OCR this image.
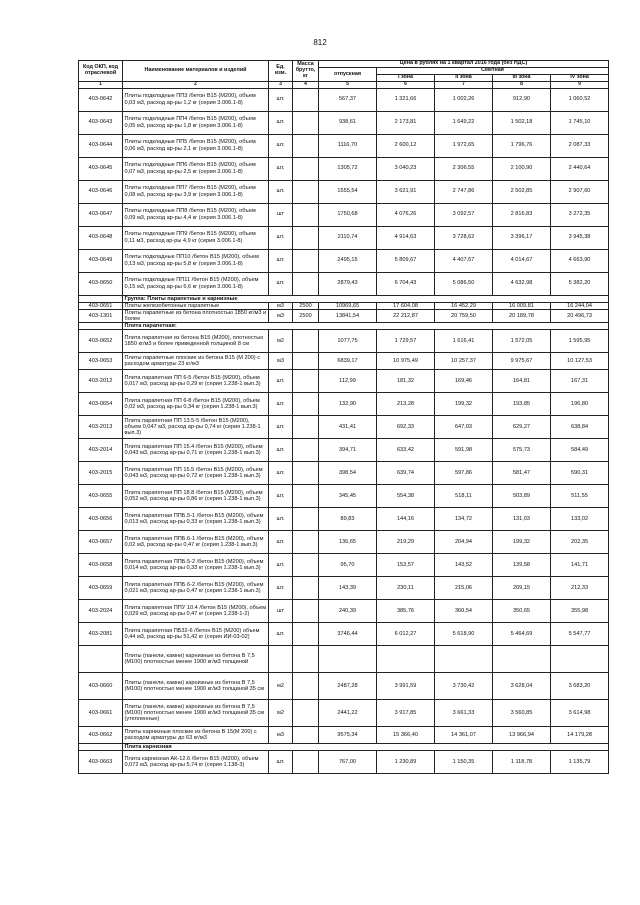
812
Код ОКП, код отраслевой	Наименование материалов и изделий	Ед. изм.	Масса брутто, кг	Цена в рублях на 1 квартал 2016 года (без НДС)				
				отпускная	Сметная			
					I зона	II зона	III зона	IV зона
1	2	3	4	5	6	7	8	9
403-0642	Плиты подкладные ПП3 /бетон В15 (М200), объем 0,03 м3, расход ар-ры 1,2 кг (серия 3.006.1-8)	шт.		567,37	1 321,66	1 002,26	912,90	1 060,52
403-0643	Плиты подкладные ПП4 /бетон В15 (М200), объем 0,05 м3, расход ар-ры 1,8 кг (серия 3.006.1-8)	шт.		938,61	2 173,81	1 649,22	1 502,18	1 745,10
403-0644	Плиты подкладные ПП5 /бетон В15 (М200), объем 0,06 м3, расход ар-ры 2,1 кг (серия 3.006.1-8)	шт.		1116,70	2 600,12	1 972,65	1 796,76	2 087,33
403-0645	Плиты подкладные ПП6 /бетон В15 (М200), объем 0,07 м3, расход ар-ры 2,5 кг (серия 3.006.1-8)	шт.		1305,72	3 040,23	2 306,55	2 100,90	2 440,64
403-0646	Плиты подкладные ПП7 /бетон В15 (М200), объем 0,08 м3, расход ар-ры 3,9 кг (серия 3.006.1-8)	шт.		1555,54	3 621,91	2 747,86	2 502,85	2 907,60
403-0647	Плиты подкладные ПП8 /бетон В15 (М200), объем 0,09 м3, расход ар-ры 4,4 кг (серия 3.006.1-8)	шт		1750,68	4 076,26	3 092,57	2 816,83	3 272,35
403-0648	Плиты подкладные ПП9 /бетон В15 (М200), объем 0,11 м3, расход ар-ры 4,9 кг (серия 3.006.1-8)	шт.		2110,74	4 914,63	3 728,62	3 396,17	3 945,38
403-0649	Плиты подкладные ПП10 /бетон В15 (М200), объем 0,13 м3, расход ар-ры 5,8 кг (серия 3.006.1-8)	шт.		2495,15	5 809,67	4 407,67	4 014,67	4 663,90
403-0650	Плиты подкладные ПП11 /бетон В15 (М200), объем 0,15 м3, расход ар-ры 6,6 кг (серия 3.006.1-8)	шт.		2879,43	6 704,43	5 086,50	4 632,98	5 382,20
	Группа: Плиты парапетные и карнизные							
403-0651	Плиты железобетонные парапетные	м3	2500	10969,65	17 604,08	16 452,29	16 009,81	16 244,04
403-1301	Плиты парапетные из бетона плотностью 1850 кг/м3 и более	м3	2500	13841,54	22 212,87	20 759,50	20 189,78	20 496,73
	Плита парапетная:							
403-0652	Плита парапетная из бетона В15 (М200), плотностью 1850 кг/м3 и более приведенной толщиной 8 см	м2		1077,75	1 729,57	1 616,41	1 572,05	1 595,95
403-0653	Плиты парапетные плоские из бетона В15 (М 200) с расходом арматуры 23 кг/м3	м3		6839,17	10 975,49	10 257,37	9 975,67	10 127,53
403-2012	Плита парапетная ПП 6-5 /бетон В15 (М200), объем 0,017 м3, расход ар-ры 0,29 кг (серия 1.238-1 вып.3)	шт.		112,99	181,32	169,46	164,81	167,31
403-0654	Плита парапетная ПП 6-8 /бетон В15 (М200), объем 0,02 м3, расход ар-ры 0,34 кг (серия 1.238-1 вып.3)	шт.		132,90	213,28	199,32	193,85	196,80
403-2013	Плита парапетная ПП 13.5-5 /бетон В15 (М200), объем 0,047 м3, расход ар-ры 0,74 кг (серия 1.238-1 вып.3)	шт.		431,41	692,33	647,03	629,27	638,84
403-2014	Плита парапетная ПП 15.4 /бетон В15 (М200), объем 0,043 м3, расход ар-ры 0,71 кг (серия 1.238-1 вып.3)	шт.		394,71	633,42	591,98	575,73	584,49
403-2015	Плита парапетная ПП 15.5 /бетон В15 (М200), объем 0,043 м3, расход ар-ры 0,72 кг (серия 1.238-1 вып.3)	шт.		398,54	639,74	597,86	581,47	590,31
403-0655	Плита парапетная ПП 18.8 /бетон В15 (М200), объем 0,052 м3, расход ар-ры 0,86 кг (серия 1.238-1 вып.3)	шт.		345,45	554,38	518,11	503,89	511,55
403-0656	Плита парапетная ППБ.5-1 /бетон В15 (М200), объем 0,013 м3, расход ар-ры 0,33 кг (серия 1.238-1 вып.3)	шт.		89,83	144,16	134,72	131,03	133,02
403-0657	Плита парапетная ППБ.6-1 /бетон В15 (М200), объем 0,02 м3, расход ар-ры 0,47 кг (серия 1.238-1 вып.3)	шт.		136,65	219,29	204,94	199,32	202,35
403-0658	Плита парапетная ППБ.5-2 /бетон В15 (М200), объем 0,014 м3, расход ар-ры 0,33 кг (серия 1.238-1 вып.3)	шт.		95,70	153,57	143,52	139,58	141,71
403-0659	Плита парапетная ППБ 6-2 /бетон В15 (М200), объем 0,021 м3, расход ар-ры 0,47 кг (серия 1.238-1 вып.3)	шт.		143,39	230,11	215,06	209,15	212,33
403-2024	Плита парапетная ППУ 10.4 /бетон В15 (М200), объем 0,029 м3, расход ар-ры 0,47 кг (серия 1.238-1-2)	шт		240,39	385,76	360,54	350,65	355,98
403-2081	Плита парапетная ПБ32-6 /бетон В15 (М200) объем 0,44 м3, расход ар-ры 51,42 кг (серия ИИ-03-02)	шт.		3746,44	6 012,27	5 618,90	5 464,69	5 547,77
	Плиты (панели, камни) карнизные из бетона В 7,5 (М100) плотностью менее 1900 кг/м3 толщиной							
403-0660	Плиты (панели, камни) карнизные из бетона В 7,5 (М100) плотностью менее 1900 кг/м3 толщиной 35 см	м2		2487,28	3 991,59	3 730,42	3 628,04	3 683,20
403-0661	Плиты (панели, камни) карнизные из бетона В 7,5 (М100) плотностью менее 1900 кг/м3 толщиной 35 см (утепленные)	м2		2441,22	3 917,85	3 661,33	3 560,85	3 614,98
403-0662	Плиты карнизные плоские из бетона В 15(М 200) с расходом арматуры до 63 кг/м3	м3		9575,34	15 366,40	14 361,07	13 966,94	14 179,28
	Плита карнизная							
403-0663	Плита карнизная АК-12.6 /бетон В15 (М200), объем 0,072 м3, расход ар-ры 5,74 кг (серия 1.138-3)	шт.		767,00	1 230,89	1 150,35	1 118,78	1 135,79
